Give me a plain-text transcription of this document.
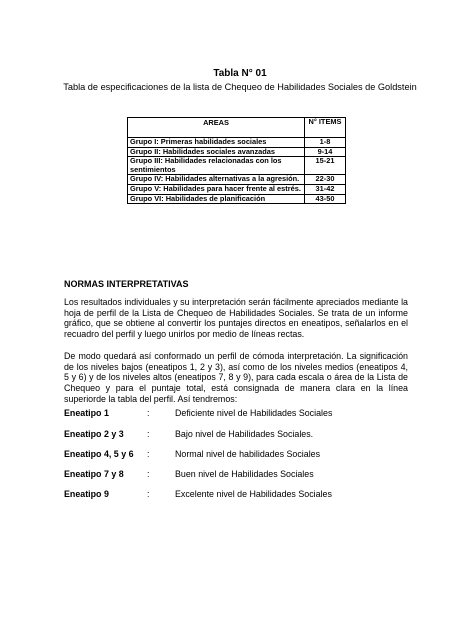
Tabla N° 01
Tabla de especificaciones de la lista de Chequeo de Habilidades Sociales de Goldstein
AREAS	N° ITEMS
Grupo I: Primeras habilidades sociales	1-8
Grupo II: Habilidades sociales avanzadas	9-14
Grupo III: Habilidades relacionadas con los sentimientos	15-21
Grupo IV: Habilidades alternativas a la agresión.	22-30
Grupo V: Habilidades para hacer frente al estrés.	31-42
Grupo VI: Habilidades de planificación	43-50
NORMAS INTERPRETATIVAS
Los resultados individuales y su interpretación serán fácilmente apreciados mediante la hoja de perfil de la Lista de Chequeo de Habilidades Sociales. Se trata de un informe gráfico, que se obtiene al convertir los puntajes directos en eneatipos, señalarlos en el recuadro del perfil y luego unirlos por medio de líneas rectas.
De modo quedará así conformado un perfil de cómoda interpretación. La significación de los niveles bajos (eneatipos 1, 2 y 3), así como de los niveles medios (eneatipos 4, 5 y 6) y de los niveles altos (eneatipos 7, 8 y 9), para cada escala o área de la Lista de Chequeo y para el puntaje total, está consignada de manera clara en la línea superiorde la tabla del perfil. Así tendremos:
Eneatipo 1	:	Deficiente nivel de Habilidades Sociales
Eneatipo 2 y 3	:	Bajo nivel de Habilidades Sociales.
Eneatipo 4, 5 y 6 :	Normal nivel de habilidades Sociales
Eneatipo 7 y 8	:	Buen nivel de Habilidades Sociales
Eneatipo 9	:	Excelente nivel de Habilidades Sociales
